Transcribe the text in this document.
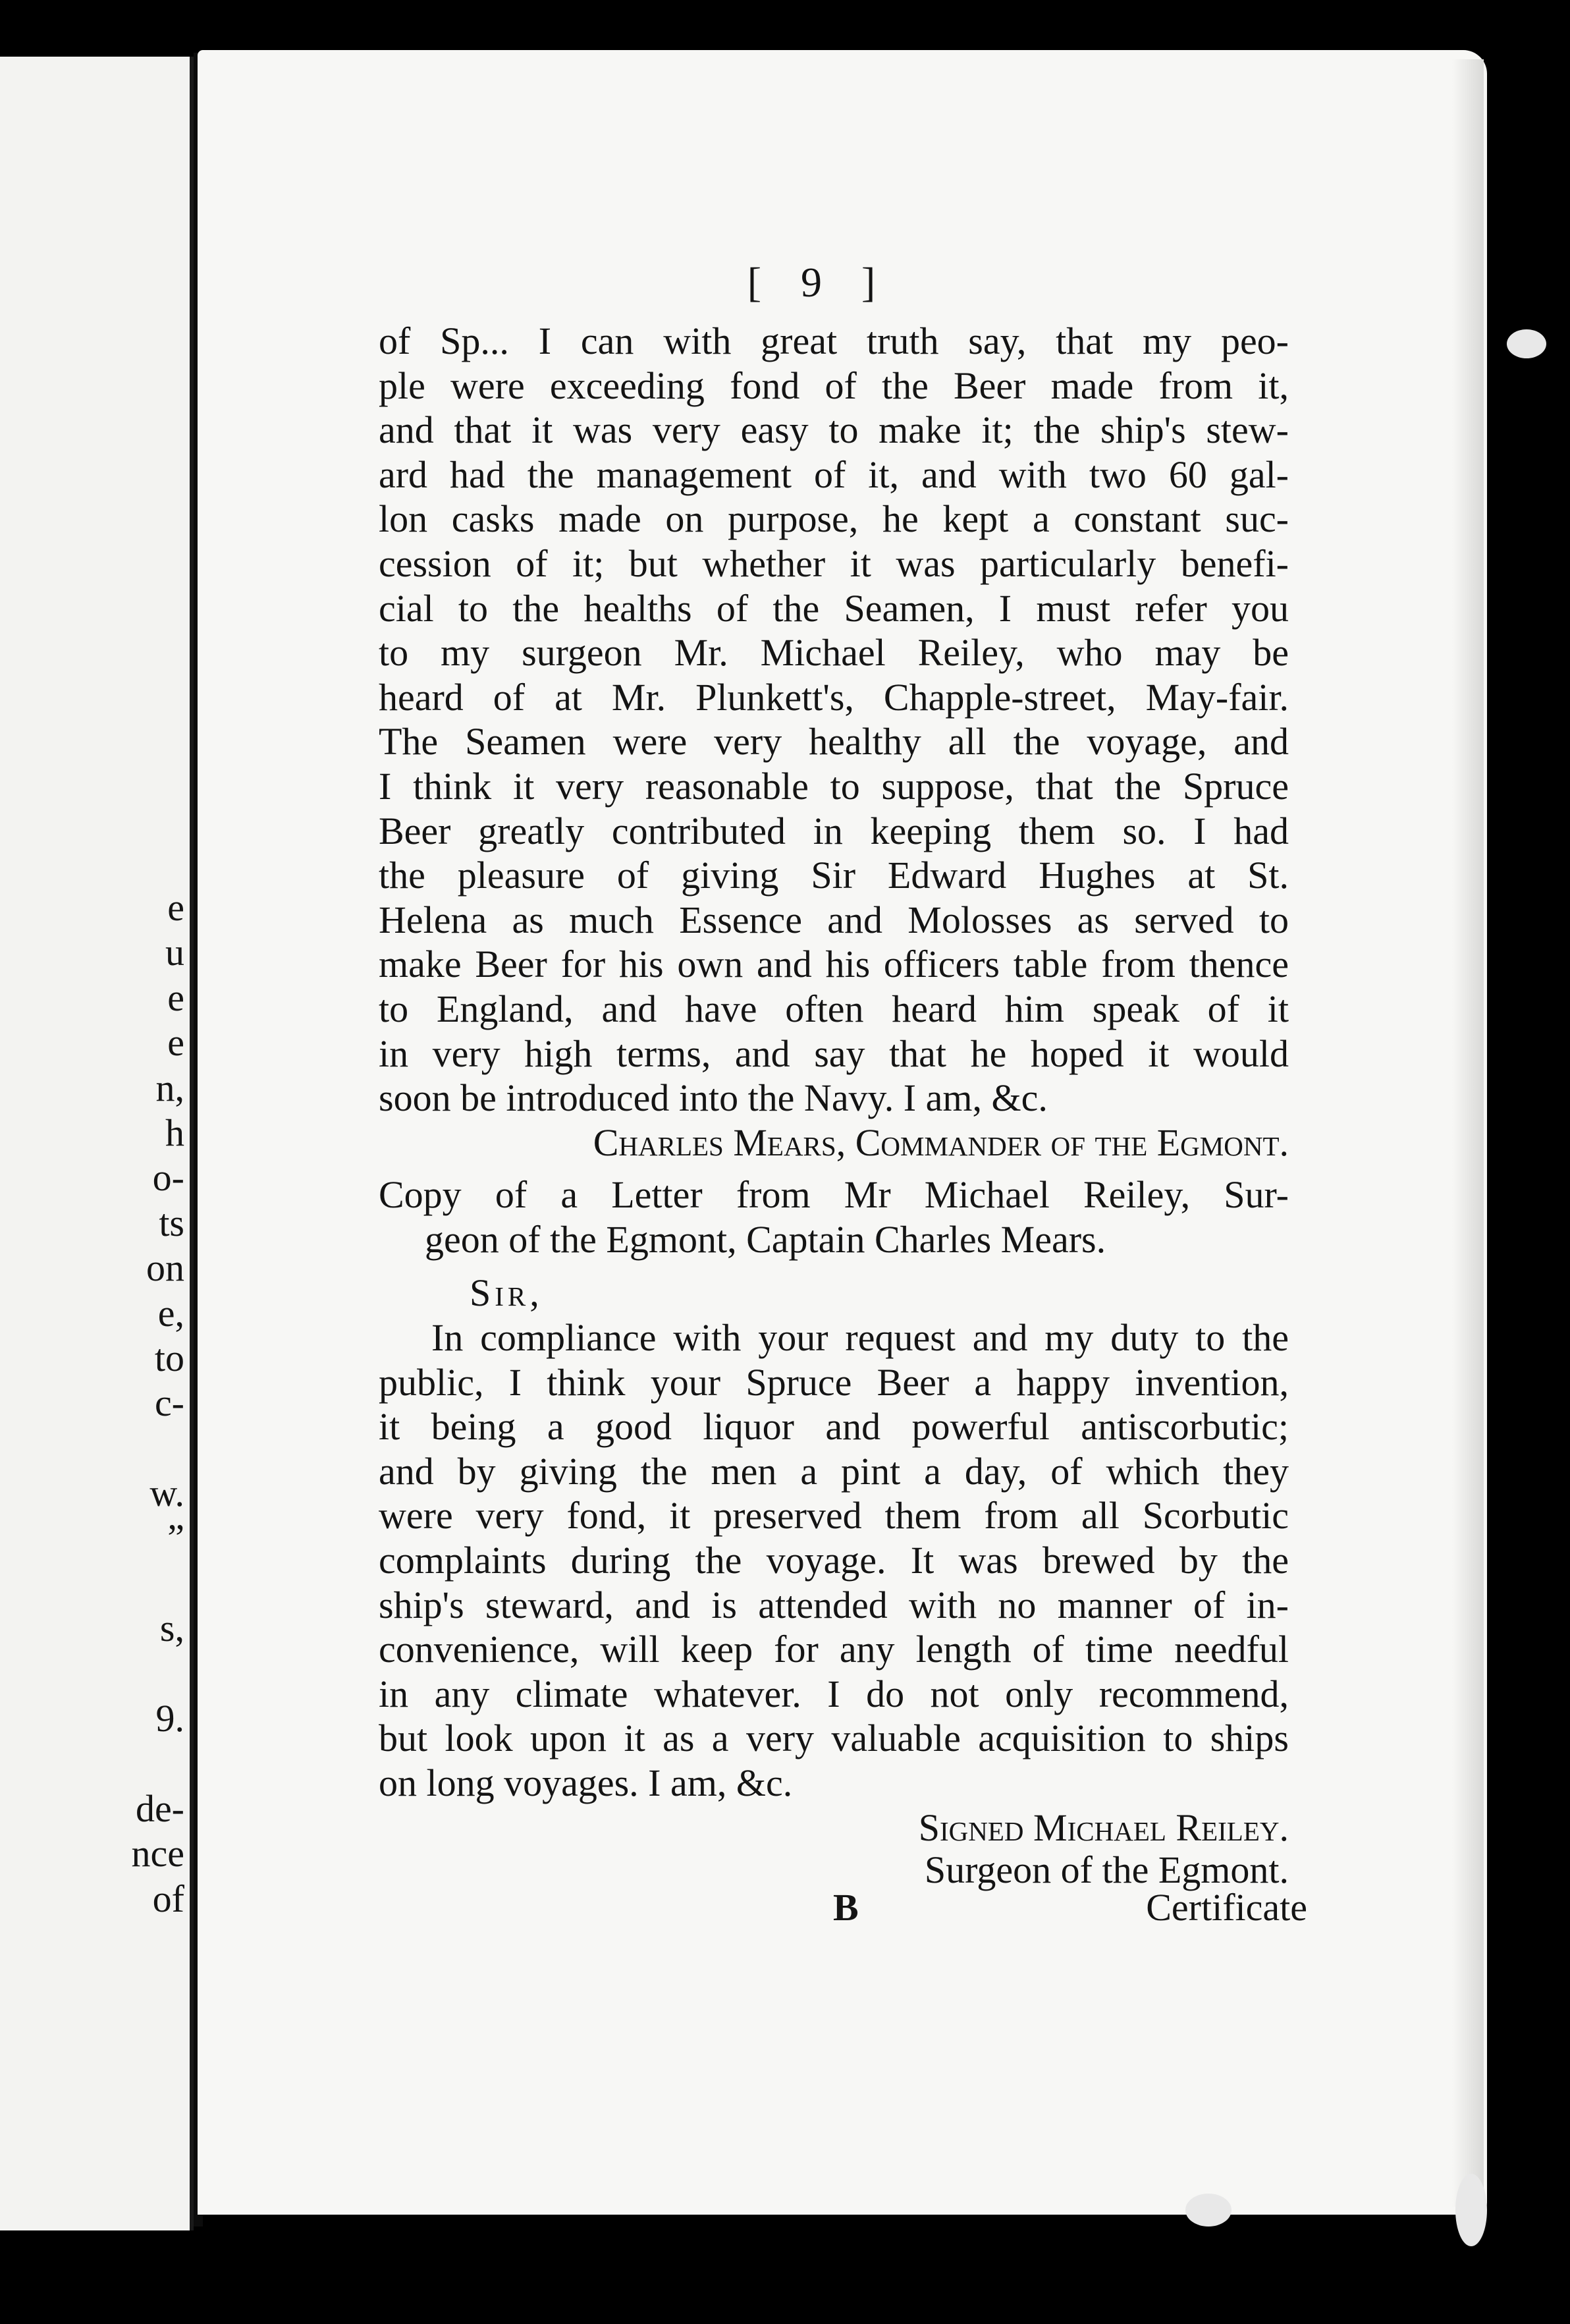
e
u
e
e
n,
h
o-
ts
on
e,
to
c-
w.
”
s,
9.
de-
nce
of
[ 9 ]
of Sp... I can with great truth say, that my peo-
ple were exceeding fond of the Beer made from it,
and that it was very easy to make it; the ship's stew-
ard had the management of it, and with two 60 gal-
lon casks made on purpose, he kept a constant suc-
cession of it; but whether it was particularly benefi-
cial to the healths of the Seamen, I must refer you
to my surgeon Mr. Michael Reiley, who may be
heard of at Mr. Plunkett's, Chapple-street, May-fair.
The Seamen were very healthy all the voyage, and
I think it very reasonable to suppose, that the Spruce
Beer greatly contributed in keeping them so. I had
the pleasure of giving Sir Edward Hughes at St.
Helena as much Essence and Molosses as served to
make Beer for his own and his officers table from thence
to England, and have often heard him speak of it
in very high terms, and say that he hoped it would
soon be introduced into the Navy. I am, &c.
Charles Mears, Commander of the Egmont.
Copy of a Letter from Mr Michael Reiley, Sur-
geon of the Egmont, Captain Charles Mears.
Sir,
In compliance with your request and my duty to the
public, I think your Spruce Beer a happy invention,
it being a good liquor and powerful antiscorbutic;
and by giving the men a pint a day, of which they
were very fond, it preserved them from all Scorbutic
complaints during the voyage. It was brewed by the
ship's steward, and is attended with no manner of in-
convenience, will keep for any length of time needful
in any climate whatever. I do not only recommend,
but look upon it as a very valuable acquisition to ships
on long voyages. I am, &c.
Signed Michael Reiley.
Surgeon of the Egmont.
B	Certificate
